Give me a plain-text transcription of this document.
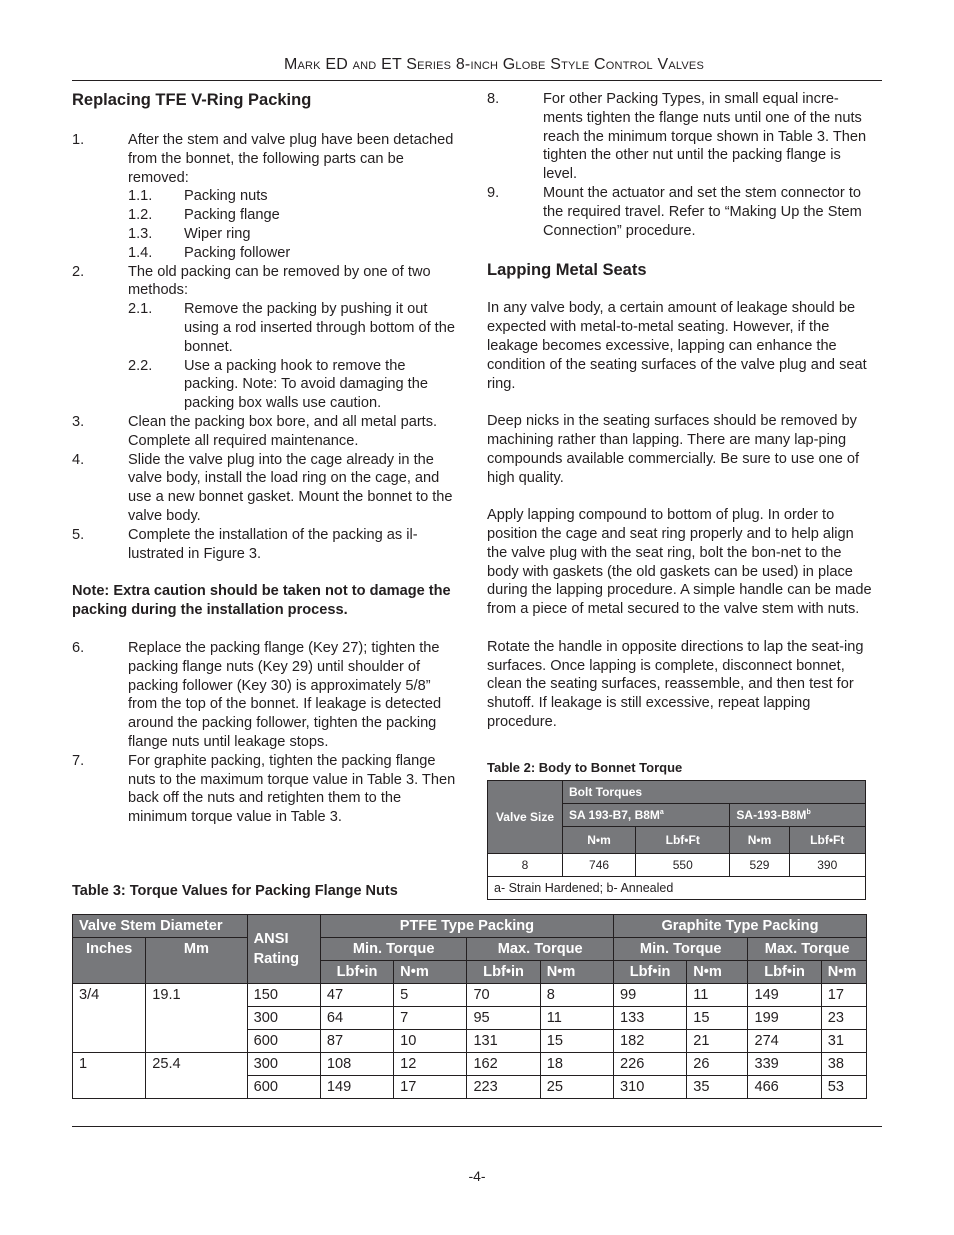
Mark ED and ET Series 8-inch Globe Style Control Valves
Replacing TFE V-Ring Packing
1.	After the stem and valve plug have been detached from the bonnet, the following parts can be removed:
1.1.	Packing nuts
1.2.	Packing flange
1.3.	Wiper ring
1.4.	Packing follower
2.	The old packing can be removed by one of two methods:
2.1.	Remove the packing by pushing it out using a rod inserted through bottom of the bonnet.
2.2.	Use a packing hook to remove the packing. Note: To avoid damaging the packing box walls use caution.
3.	Clean the packing box bore, and all metal parts. Complete all required maintenance.
4.	Slide the valve plug into the cage already in the valve body, install the load ring on the cage, and use a new bonnet gasket. Mount the bonnet to the valve body.
5.	Complete the installation of the packing as il-lustrated in Figure 3.

Note: Extra caution should be taken not to damage the packing during the installation process.

6.	Replace the packing flange (Key 27); tighten the packing flange nuts (Key 29) until shoulder of packing follower (Key 30) is approximately 5/8” from the top of the bonnet. If leakage is detected around the packing follower, tighten the packing flange nuts until leakage stops.
7.	For graphite packing, tighten the packing flange nuts to the maximum torque value in Table 3. Then back off the nuts and retighten them to the minimum torque value in Table 3.
8.	For other Packing Types, in small equal incre-ments tighten the flange nuts until one of the nuts reach the minimum torque shown in Table 3. Then tighten the other nut until the packing flange is level.
9.	Mount the actuator and set the stem connector to the required travel. Refer to “Making Up the Stem Connection” procedure.
Lapping Metal Seats

In any valve body, a certain amount of leakage should be expected with metal-to-metal seating. However, if the leakage becomes excessive, lapping can enhance the condition of the seating surfaces of the valve plug and seat ring.

Deep nicks in the seating surfaces should be removed by machining rather than lapping. There are many lap-ping compounds available commercially. Be sure to use one of high quality.

Apply lapping compound to bottom of plug. In order to position the cage and seat ring properly and to help align the valve plug with the seat ring, bolt the bon-net to the body with gaskets (the old gaskets can be used) in place during the lapping procedure. A simple handle can be made from a piece of metal secured to the valve stem with nuts.

Rotate the handle in opposite directions to lap the seat-ing surfaces. Once lapping is complete, disconnect bonnet, clean the seating surfaces, reassemble, and then test for shutoff. If leakage is still excessive, repeat lapping procedure.

Table 2: Body to Bonnet Torque
Valve Size	Bolt Torques			
	SA 193-B7, $B8M^a$		$SA-193-B8M^b$
	N•m	Lbf•Ft	N•m	Lbf•Ft
8	746	550	529	390
a- Strain Hardened; b- Annealed				
Table 3: Torque Values for Packing Flange Nuts
Valve Stem Diameter		ANSI Rating	PTFE Type Packing				Graphite Type Packing			
Inches	Mm		Min. Torque		Max. Torque		Min. Torque		Max. Torque	
			Lbf•in	N•m	Lbf•in	N•m	Lbf•in	N•m	Lbf•in	N•m
3/4	19.1	150	47	5	70	8	99	11	149	17
		300	64	7	95	11	133	15	199	23
		600	87	10	131	15	182	21	274	31
1	25.4	300	108	12	162	18	226	26	339	38
		600	149	17	223	25	310	35	466	53
-4-
